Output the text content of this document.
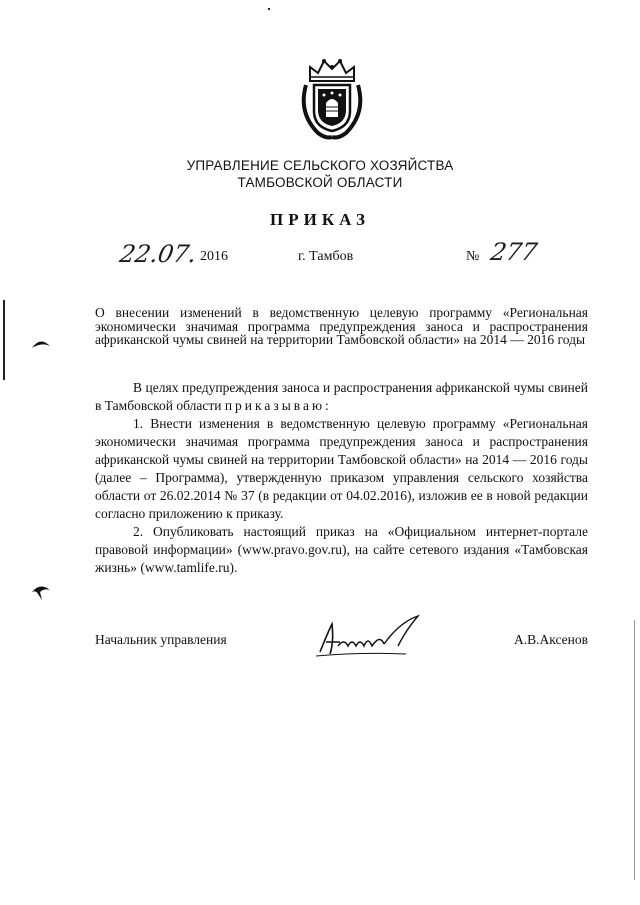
УПРАВЛЕНИЕ СЕЛЬСКОГО ХОЗЯЙСТВА
ТАМБОВСКОЙ ОБЛАСТИ
ПРИКАЗ
22.07. 2016	г. Тамбов	№ 277
О внесении изменений в ведомственную целевую программу «Региональная экономически значимая программа предупреждения заноса и распространения африканской чумы свиней на территории Тамбовской области» на 2014 — 2016 годы

В целях предупреждения заноса и распространения африканской чумы свиней в Тамбовской области приказываю:

1. Внести изменения в ведомственную целевую программу «Региональная экономически значимая программа предупреждения заноса и распространения африканской чумы свиней на территории Тамбовской области» на 2014 — 2016 годы (далее – Программа), утвержденную приказом управления сельского хозяйства области от 26.02.2014 № 37 (в редакции от 04.02.2016), изложив ее в новой редакции согласно приложению к приказу.

2. Опубликовать настоящий приказ на «Официальном интернет-портале правовой информации» (www.pravo.gov.ru), на сайте сетевого издания «Тамбовская жизнь» (www.tamlife.ru).

Начальник управления	А.В.Аксенов
